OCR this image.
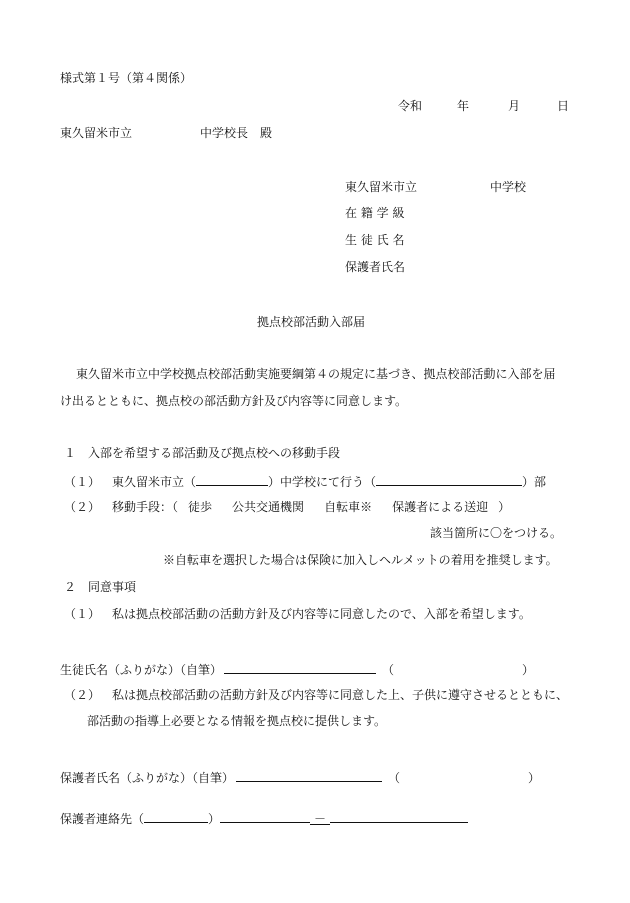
様式第１号（第４関係）
令和	年	月	日
東久留米市立	中学校長　殿
東久留米市立	中学校
在 籍 学 級
生 徒 氏 名
保護者氏名
拠点校部活動入部届
東久留米市立中学校拠点校部活動実施要綱第４の規定に基づき、拠点校部活動に入部を届
け出るとともに、拠点校の部活動方針及び内容等に同意します。
１　入部を希望する部活動及び拠点校への移動手段
（１） 東久留米市立（	）中学校にて行う（	）部
（２） 移動手段：（ 徒歩 公共交通機関 自転車※ 保護者による送迎 ）
該当箇所に〇をつける。
※自転車を選択した場合は保険に加入しヘルメットの着用を推奨します。
２　同意事項
（１） 私は拠点校部活動の活動方針及び内容等に同意したので、入部を希望します。
生徒氏名（ふりがな）（自筆）	（	）
（２） 私は拠点校部活動の活動方針及び内容等に同意した上、子供に遵守させるとともに、
部活動の指導上必要となる情報を拠点校に提供します。
保護者氏名（ふりがな）（自筆）	（	）
保護者連絡先（	）	－
